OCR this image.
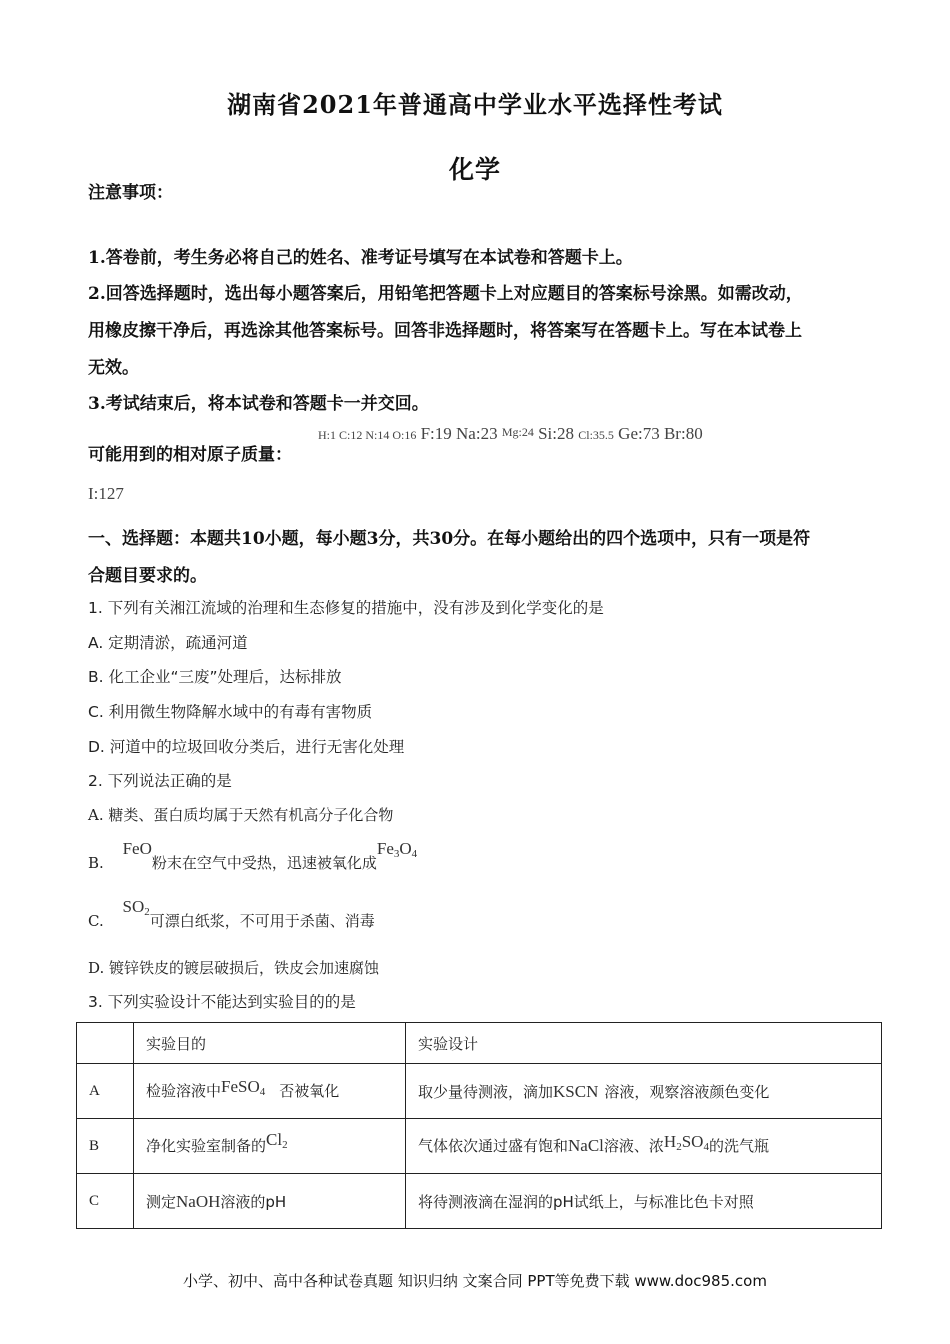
湖南省2021年普通高中学业水平选择性考试
化学
注意事项：
1.答卷前，考生务必将自己的姓名、准考证号填写在本试卷和答题卡上。
2.回答选择题时，选出每小题答案后，用铅笔把答题卡上对应题目的答案标号涂黑。如需改动，
用橡皮擦干净后，再选涂其他答案标号。回答非选择题时，将答案写在答题卡上。写在本试卷上
无效。
3.考试结束后，将本试卷和答题卡一并交回。
可能用到的相对原子质量：
H:1 C:12 N:14 O:16 F:19 Na:23 Mg:24 Si:28 Cl:35.5 Ge:73 Br:80
I:127
一、选择题：本题共10小题，每小题3分，共30分。在每小题给出的四个选项中，只有一项是符
合题目要求的。
1. 下列有关湘江流域的治理和生态修复的措施中，没有涉及到化学变化的是
A. 定期清淤，疏通河道
B. 化工企业“三废”处理后，达标排放
C. 利用微生物降解水域中的有毒有害物质
D. 河道中的垃圾回收分类后，进行无害化处理
2. 下列说法正确的是
A. 糖类、蛋白质均属于天然有机高分子化合物
B. FeO粉末在空气中受热，迅速被氧化成$Fe_3O_4$
C. $SO_2$可漂白纸浆，不可用于杀菌、消毒
D. 镀锌铁皮的镀层破损后，铁皮会加速腐蚀
3. 下列实验设计不能达到实验目的的是
	实验目的	实验设计
A	检验溶液中FeSO$_4$ 否被氧化	取少量待测液，滴加KSCN 溶液，观察溶液颜色变化
B	净化实验室制备的$Cl_2$	气体依次通过盛有饱和NaCl溶液、浓$H_2SO_4$的洗气瓶
C	测定NaOH溶液的pH	将待测液滴在湿润的pH试纸上，与标准比色卡对照
小学、初中、高中各种试卷真题 知识归纳 文案合同 PPT等免费下载 www.doc985.com
